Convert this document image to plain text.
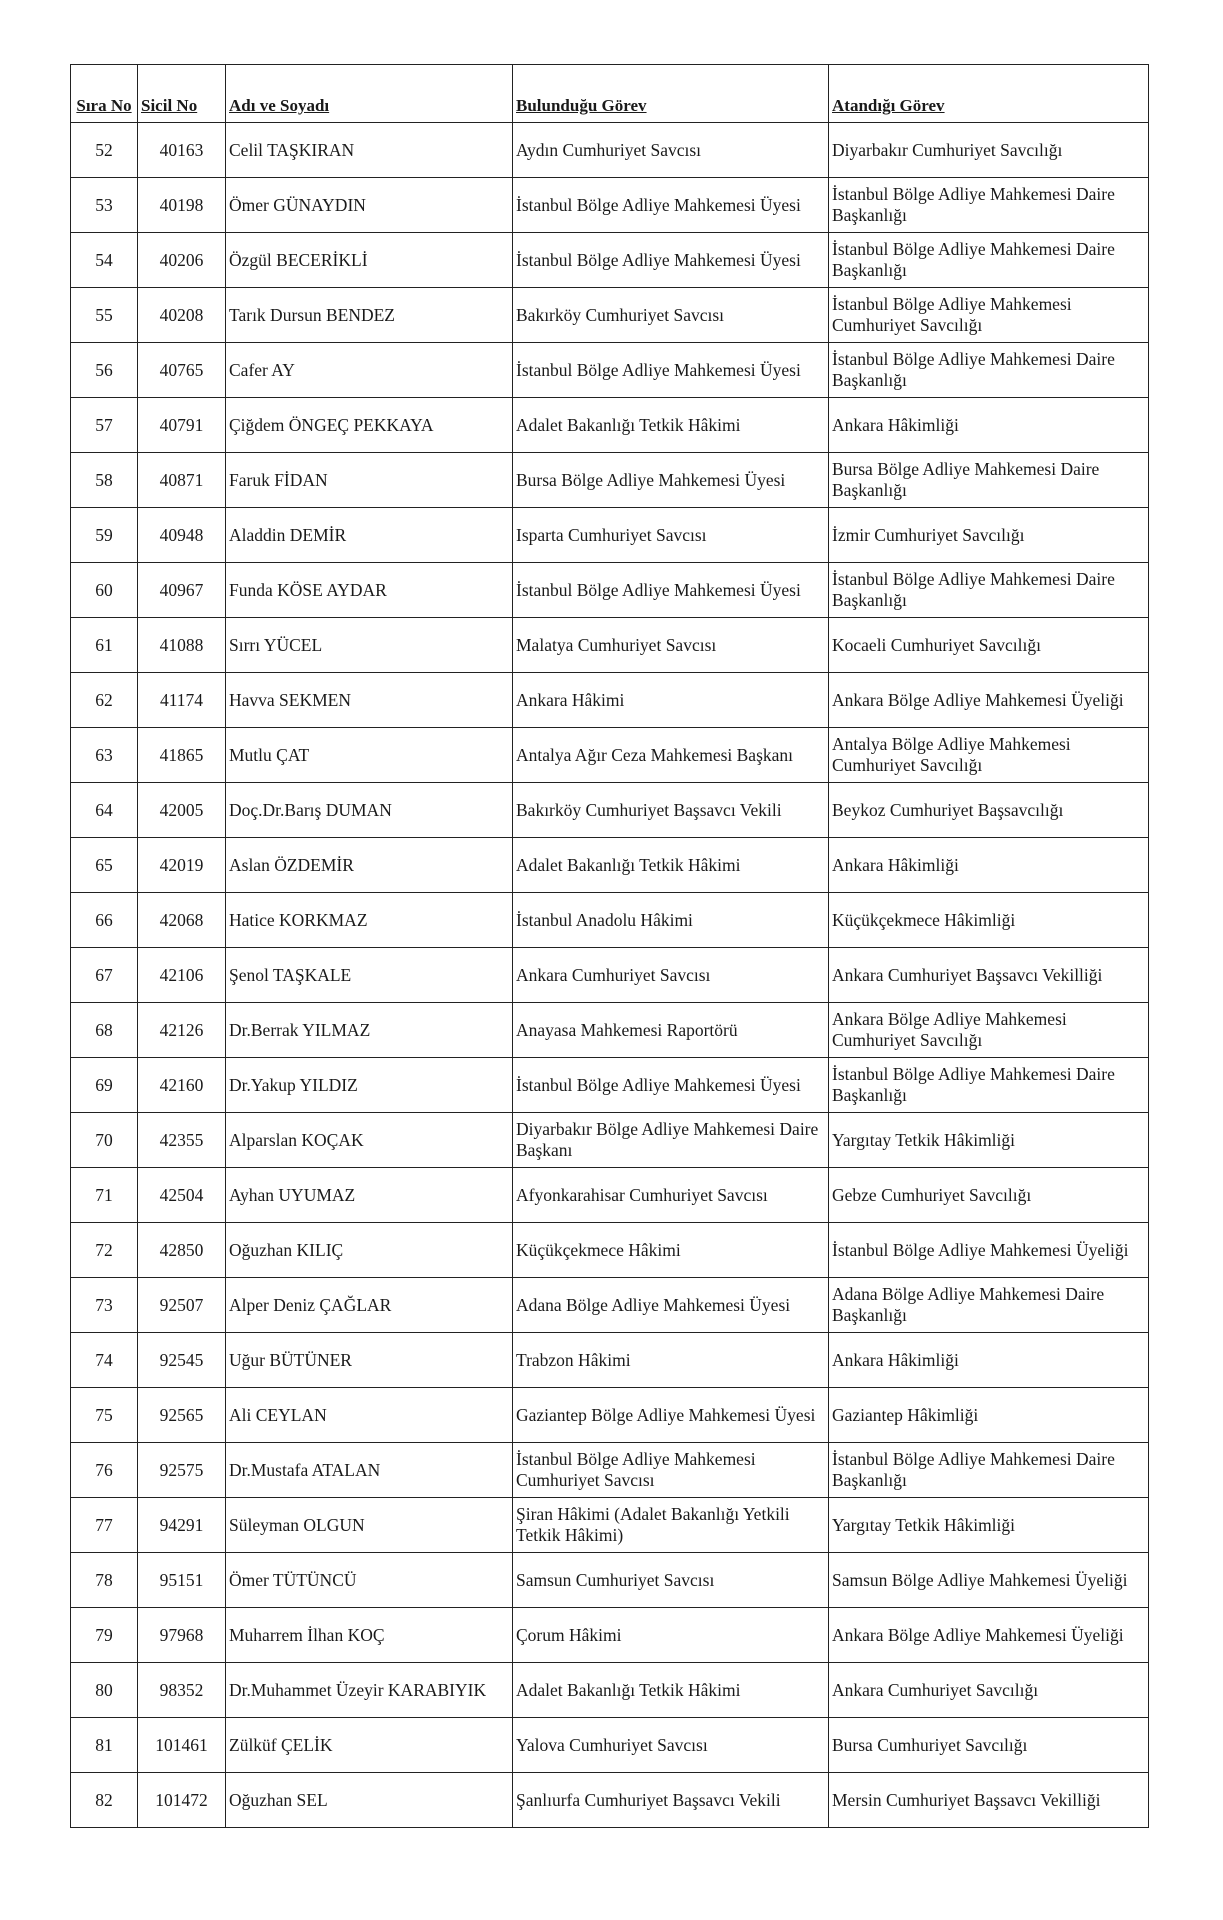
Sıra No	Sicil No	Adı ve Soyadı	Bulunduğu Görev	Atandığı Görev
52	40163	Celil TAŞKIRAN	Aydın Cumhuriyet Savcısı	Diyarbakır Cumhuriyet Savcılığı
53	40198	Ömer GÜNAYDIN	İstanbul Bölge Adliye Mahkemesi Üyesi	İstanbul Bölge Adliye Mahkemesi Daire Başkanlığı
54	40206	Özgül BECERİKLİ	İstanbul Bölge Adliye Mahkemesi Üyesi	İstanbul Bölge Adliye Mahkemesi Daire Başkanlığı
55	40208	Tarık Dursun BENDEZ	Bakırköy Cumhuriyet Savcısı	İstanbul Bölge Adliye Mahkemesi Cumhuriyet Savcılığı
56	40765	Cafer AY	İstanbul Bölge Adliye Mahkemesi Üyesi	İstanbul Bölge Adliye Mahkemesi Daire Başkanlığı
57	40791	Çiğdem ÖNGEÇ PEKKAYA	Adalet Bakanlığı Tetkik Hâkimi	Ankara Hâkimliği
58	40871	Faruk FİDAN	Bursa Bölge Adliye Mahkemesi Üyesi	Bursa Bölge Adliye Mahkemesi Daire Başkanlığı
59	40948	Aladdin DEMİR	Isparta Cumhuriyet Savcısı	İzmir Cumhuriyet Savcılığı
60	40967	Funda KÖSE AYDAR	İstanbul Bölge Adliye Mahkemesi Üyesi	İstanbul Bölge Adliye Mahkemesi Daire Başkanlığı
61	41088	Sırrı YÜCEL	Malatya Cumhuriyet Savcısı	Kocaeli Cumhuriyet Savcılığı
62	41174	Havva SEKMEN	Ankara Hâkimi	Ankara Bölge Adliye Mahkemesi Üyeliği
63	41865	Mutlu ÇAT	Antalya Ağır Ceza Mahkemesi Başkanı	Antalya Bölge Adliye Mahkemesi Cumhuriyet Savcılığı
64	42005	Doç.Dr.Barış DUMAN	Bakırköy Cumhuriyet Başsavcı Vekili	Beykoz Cumhuriyet Başsavcılığı
65	42019	Aslan ÖZDEMİR	Adalet Bakanlığı Tetkik Hâkimi	Ankara Hâkimliği
66	42068	Hatice KORKMAZ	İstanbul Anadolu Hâkimi	Küçükçekmece Hâkimliği
67	42106	Şenol TAŞKALE	Ankara Cumhuriyet Savcısı	Ankara Cumhuriyet Başsavcı Vekilliği
68	42126	Dr.Berrak YILMAZ	Anayasa Mahkemesi Raportörü	Ankara Bölge Adliye Mahkemesi Cumhuriyet Savcılığı
69	42160	Dr.Yakup YILDIZ	İstanbul Bölge Adliye Mahkemesi Üyesi	İstanbul Bölge Adliye Mahkemesi Daire Başkanlığı
70	42355	Alparslan KOÇAK	Diyarbakır Bölge Adliye Mahkemesi Daire Başkanı	Yargıtay Tetkik Hâkimliği
71	42504	Ayhan UYUMAZ	Afyonkarahisar Cumhuriyet Savcısı	Gebze Cumhuriyet Savcılığı
72	42850	Oğuzhan KILIÇ	Küçükçekmece Hâkimi	İstanbul Bölge Adliye Mahkemesi Üyeliği
73	92507	Alper Deniz ÇAĞLAR	Adana Bölge Adliye Mahkemesi Üyesi	Adana Bölge Adliye Mahkemesi Daire Başkanlığı
74	92545	Uğur BÜTÜNER	Trabzon Hâkimi	Ankara Hâkimliği
75	92565	Ali CEYLAN	Gaziantep Bölge Adliye Mahkemesi Üyesi	Gaziantep Hâkimliği
76	92575	Dr.Mustafa ATALAN	İstanbul Bölge Adliye Mahkemesi Cumhuriyet Savcısı	İstanbul Bölge Adliye Mahkemesi Daire Başkanlığı
77	94291	Süleyman OLGUN	Şiran Hâkimi (Adalet Bakanlığı Yetkili Tetkik Hâkimi)	Yargıtay Tetkik Hâkimliği
78	95151	Ömer TÜTÜNCÜ	Samsun Cumhuriyet Savcısı	Samsun Bölge Adliye Mahkemesi Üyeliği
79	97968	Muharrem İlhan KOÇ	Çorum Hâkimi	Ankara Bölge Adliye Mahkemesi Üyeliği
80	98352	Dr.Muhammet Üzeyir KARABIYIK	Adalet Bakanlığı Tetkik Hâkimi	Ankara Cumhuriyet Savcılığı
81	101461	Zülküf ÇELİK	Yalova Cumhuriyet Savcısı	Bursa Cumhuriyet Savcılığı
82	101472	Oğuzhan SEL	Şanlıurfa Cumhuriyet Başsavcı Vekili	Mersin Cumhuriyet Başsavcı Vekilliği
